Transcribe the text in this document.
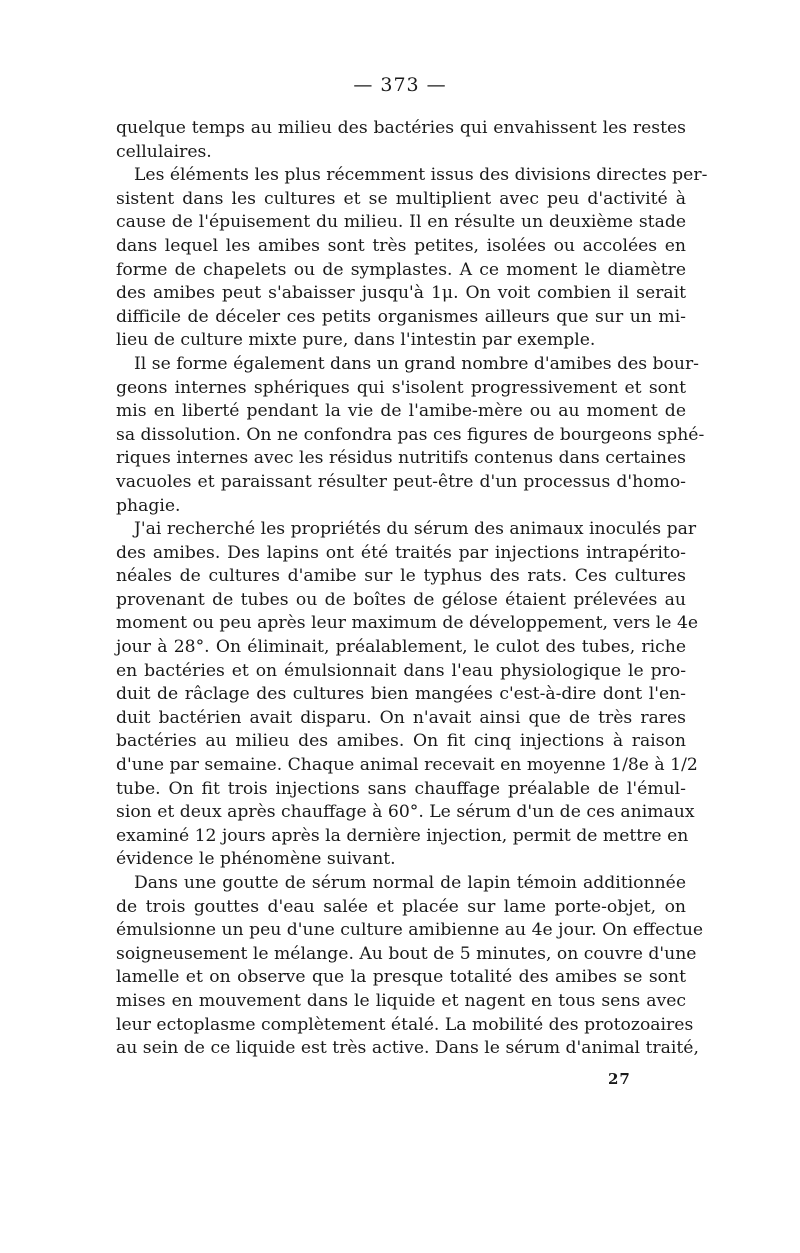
— 373 —
quelque temps au milieu des bactéries qui envahissent les restes
cellulaires.
Les éléments les plus récemment issus des divisions directes per-
sistent dans les cultures et se multiplient avec peu d'activité à
cause de l'épuisement du milieu. Il en résulte un deuxième stade
dans lequel les amibes sont très petites, isolées ou accolées en
forme de chapelets ou de symplastes. A ce moment le diamètre
des amibes peut s'abaisser jusqu'à 1μ. On voit combien il serait
difficile de déceler ces petits organismes ailleurs que sur un mi-
lieu de culture mixte pure, dans l'intestin par exemple.
Il se forme également dans un grand nombre d'amibes des bour-
geons internes sphériques qui s'isolent progressivement et sont
mis en liberté pendant la vie de l'amibe-mère ou au moment de
sa dissolution. On ne confondra pas ces figures de bourgeons sphé-
riques internes avec les résidus nutritifs contenus dans certaines
vacuoles et paraissant résulter peut-être d'un processus d'homo-
phagie.
J'ai recherché les propriétés du sérum des animaux inoculés par
des amibes. Des lapins ont été traités par injections intrapérito-
néales de cultures d'amibe sur le typhus des rats. Ces cultures
provenant de tubes ou de boîtes de gélose étaient prélevées au
moment ou peu après leur maximum de développement, vers le 4e
jour à 28°. On éliminait, préalablement, le culot des tubes, riche
en bactéries et on émulsionnait dans l'eau physiologique le pro-
duit de râclage des cultures bien mangées c'est-à-dire dont l'en-
duit bactérien avait disparu. On n'avait ainsi que de très rares
bactéries au milieu des amibes. On fit cinq injections à raison
d'une par semaine. Chaque animal recevait en moyenne 1/8e à 1/2
tube. On fit trois injections sans chauffage préalable de l'émul-
sion et deux après chauffage à 60°. Le sérum d'un de ces animaux
examiné 12 jours après la dernière injection, permit de mettre en
évidence le phénomène suivant.
Dans une goutte de sérum normal de lapin témoin additionnée
de trois gouttes d'eau salée et placée sur lame porte-objet, on
émulsionne un peu d'une culture amibienne au 4e jour. On effectue
soigneusement le mélange. Au bout de 5 minutes, on couvre d'une
lamelle et on observe que la presque totalité des amibes se sont
mises en mouvement dans le liquide et nagent en tous sens avec
leur ectoplasme complètement étalé. La mobilité des protozoaires
au sein de ce liquide est très active. Dans le sérum d'animal traité,
27
